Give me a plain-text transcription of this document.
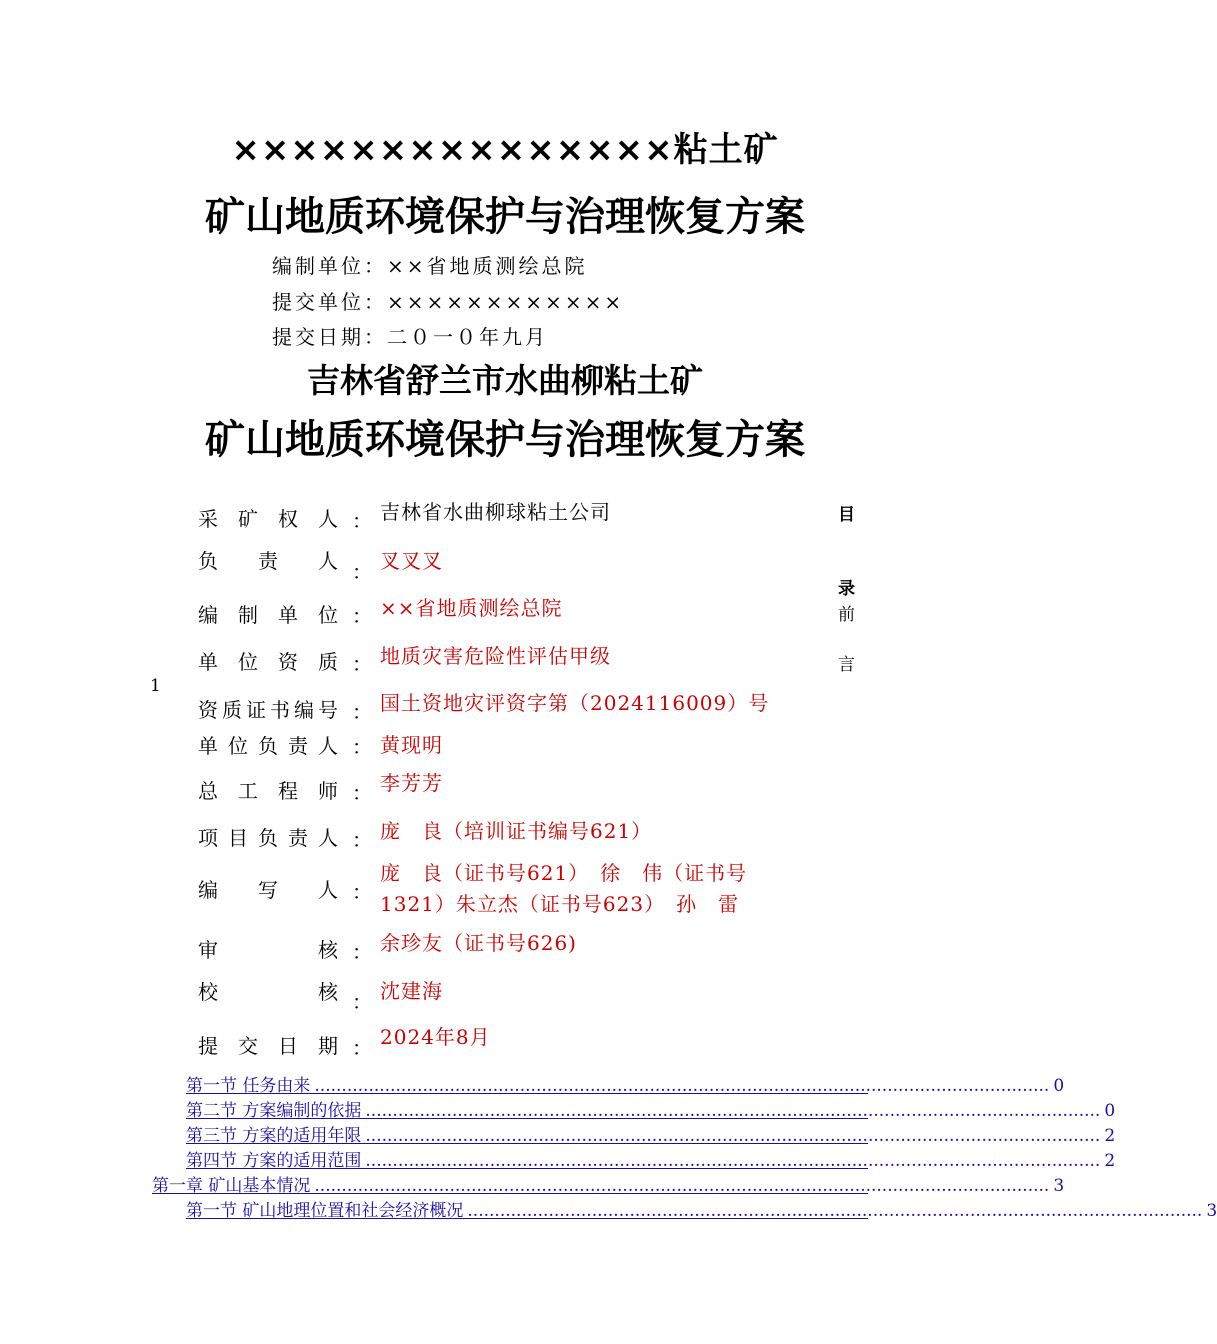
×××××××××××××××粘土矿
矿山地质环境保护与治理恢复方案
编制单位：××省地质测绘总院
提交单位：××××××××××××
提交日期：二０一０年九月
吉林省舒兰市水曲柳粘土矿
矿山地质环境保护与治理恢复方案
采 矿 权 人 ： 吉林省水曲柳球粘土公司
负 责 人 ： 叉叉叉
编 制 单 位 ： ××省地质测绘总院
单 位 资 质 ： 地质灾害危险性评估甲级
资 质 证 书 编 号 ： 国土资地灾评资字第（2024116009）号
单 位 负 责 人 ： 黄现明
总 工 程 师 ： 李芳芳
项 目 负 责 人 ： 庞　良（培训证书编号621）
编 写 人 ：
庞　良（证书号621）　徐　伟（证书号
1321）朱立杰（证书号623）　孙　雷
审	核 ： 余珍友（证书号626)
校	核 ： 沈建海
提 交 日 期 ： 2024年8月
目
录
前
言
1
第 一 节
任 务 由 来 ........................................................................................................................................ 0
第 二 节
方 案 编 制 的 依 据 ........................................................................................................................................ 0
第 三 节
方 案 的 适 用 年 限 ........................................................................................................................................ 2
第 四 节
方 案 的 适 用 范 围 ........................................................................................................................................ 2
第 一 章
矿 山 基 本 情 况 ........................................................................................................................................ 3
第 一 节
矿 山 地 理 位 置 和 社 会 经 济 概 况 ........................................................................................................................................ 3
